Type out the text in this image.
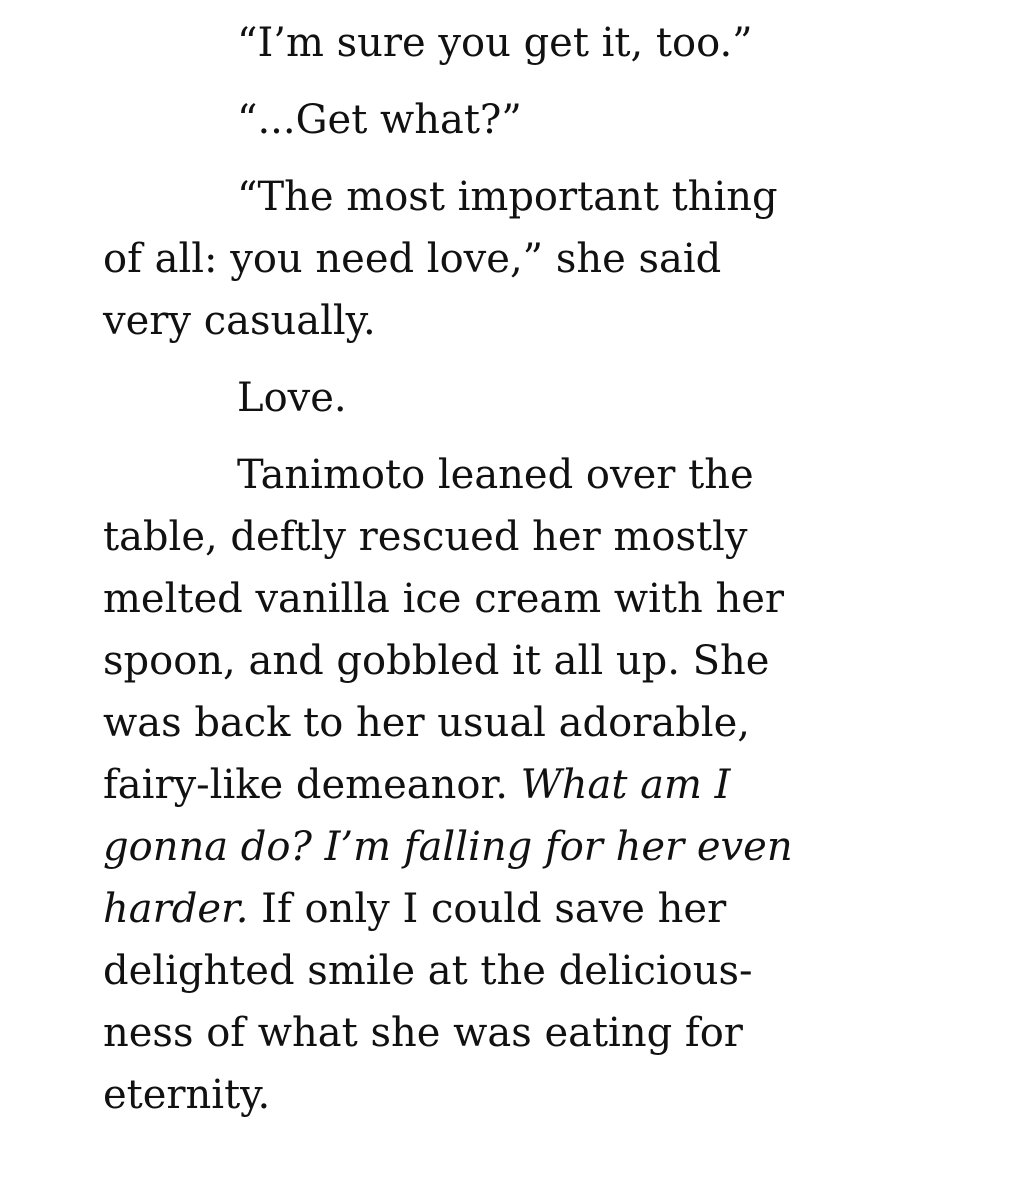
“I’m sure you get it, too.”
“...Get what?”
“The most important thing
of all: you need love,” she said
very casually.
Love.
Tanimoto leaned over the
table, deftly rescued her mostly
melted vanilla ice cream with her
spoon, and gobbled it all up. She
was back to her usual adorable,
fairy-like demeanor. What am I
gonna do? I’m falling for her even
harder. If only I could save her
delighted smile at the delicious-
ness of what she was eating for
eternity.
